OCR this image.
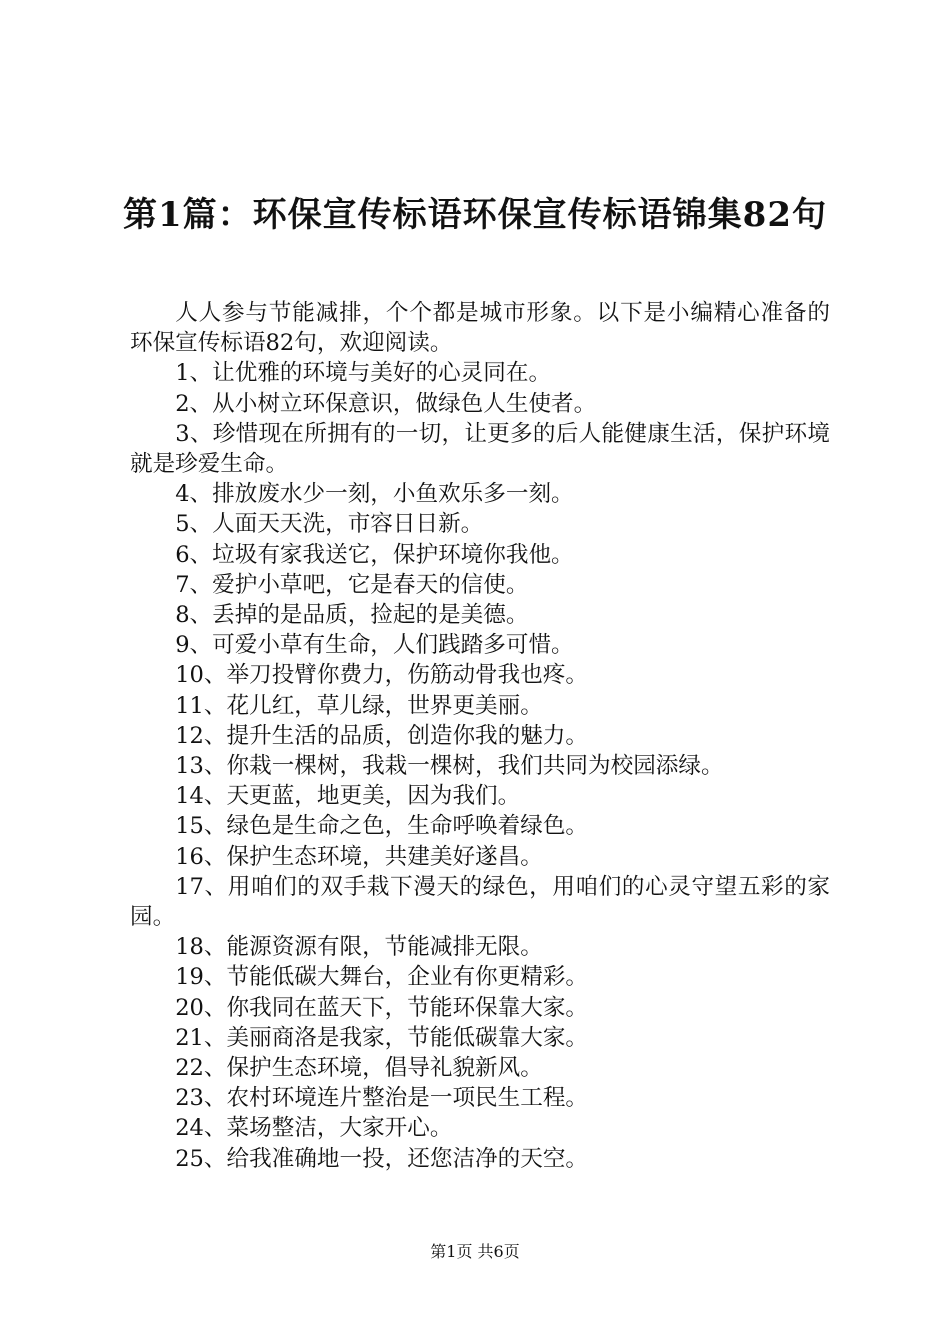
第1篇：环保宣传标语环保宣传标语锦集82句

人人参与节能减排，个个都是城市形象。以下是小编精心准备的环保宣传标语82句，欢迎阅读。

1、让优雅的环境与美好的心灵同在。

2、从小树立环保意识，做绿色人生使者。

3、珍惜现在所拥有的一切，让更多的后人能健康生活，保护环境就是珍爱生命。

4、排放废水少一刻，小鱼欢乐多一刻。

5、人面天天洗，市容日日新。

6、垃圾有家我送它，保护环境你我他。

7、爱护小草吧，它是春天的信使。

8、丢掉的是品质，捡起的是美德。

9、可爱小草有生命，人们践踏多可惜。

10、举刀投臂你费力，伤筋动骨我也疼。

11、花儿红，草儿绿，世界更美丽。

12、提升生活的品质，创造你我的魅力。

13、你栽一棵树，我栽一棵树，我们共同为校园添绿。

14、天更蓝，地更美，因为我们。

15、绿色是生命之色，生命呼唤着绿色。

16、保护生态环境，共建美好遂昌。

17、用咱们的双手栽下漫天的绿色，用咱们的心灵守望五彩的家园。

18、能源资源有限，节能减排无限。

19、节能低碳大舞台，企业有你更精彩。

20、你我同在蓝天下，节能环保靠大家。

21、美丽商洛是我家，节能低碳靠大家。

22、保护生态环境，倡导礼貌新风。

23、农村环境连片整治是一项民生工程。

24、菜场整洁，大家开心。

25、给我准确地一投，还您洁净的天空。

第1页 共6页
